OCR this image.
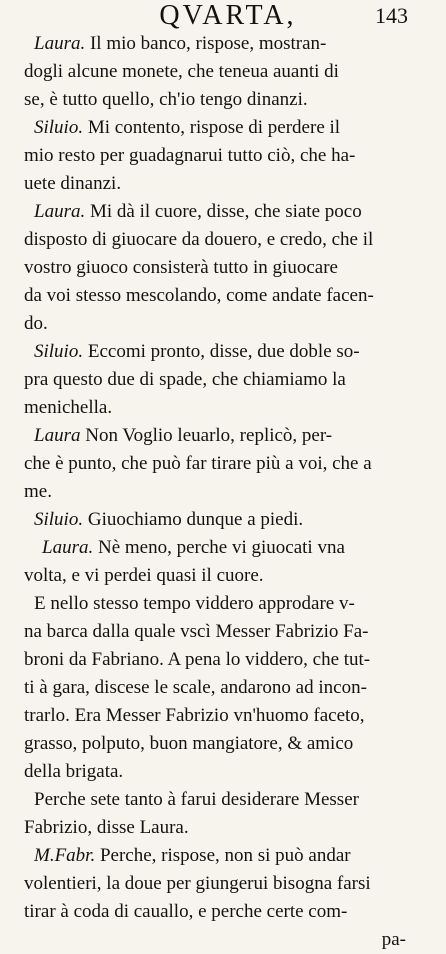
QVARTA,	143
Laura. Il mio banco, rispose, mostran-
dogli alcune monete, che teneua auanti di
se, è tutto quello, ch'io tengo dinanzi.
Siluio. Mi contento, rispose di perdere il
mio resto per guadagnarui tutto ciò, che ha-
uete dinanzi.
Laura. Mi dà il cuore, disse, che siate poco
disposto di giuocare da douero, e credo, che il
vostro giuoco consisterà tutto in giuocare
da voi stesso mescolando, come andate facen-
do.
Siluio. Eccomi pronto, disse, due doble so-
pra questo due di spade, che chiamiamo la
menichella.
Laura Non Voglio leuarlo, replicò, per-
che è punto, che può far tirare più a voi, che a
me.
Siluio. Giuochiamo dunque a piedi.
Laura. Nè meno, perche vi giuocati vna
volta, e vi perdei quasi il cuore.
E nello stesso tempo viddero approdare v-
na barca dalla quale vscì Messer Fabrizio Fa-
broni da Fabriano. A pena lo viddero, che tut-
ti à gara, discese le scale, andarono ad incon-
trarlo. Era Messer Fabrizio vn'huomo faceto,
grasso, polputo, buon mangiatore, & amico
della brigata.
Perche sete tanto à farui desiderare Messer
Fabrizio, disse Laura.
M.Fabr. Perche, rispose, non si può andar
volentieri, la doue per giungerui bisogna farsi
tirar à coda di cauallo, e perche certe com-
pa-
